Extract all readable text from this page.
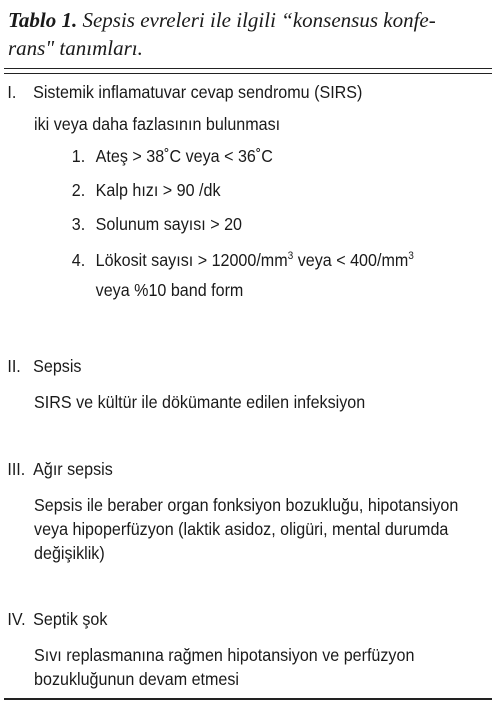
Tablo 1. Sepsis evreleri ile ilgili “konsensus konfe-
rans" tanımları.
I. Sistemik inflamatuvar cevap sendromu (SIRS)
iki veya daha fazlasının bulunması
1. Ateş > 38˚C veya < 36˚C
2. Kalp hızı > 90 /dk
3. Solunum sayısı > 20
4. Lökosit sayısı > $12000/mm^3$ veya < $400/mm^3$
veya %10 band form
II. Sepsis
SIRS ve kültür ile dökümante edilen infeksiyon
III. Ağır sepsis
Sepsis ile beraber organ fonksiyon bozukluğu, hipotansiyon
veya hipoperfüzyon (laktik asidoz, oligüri, mental durumda
değişiklik)
IV. Septik şok
Sıvı replasmanına rağmen hipotansiyon ve perfüzyon
bozukluğunun devam etmesi
